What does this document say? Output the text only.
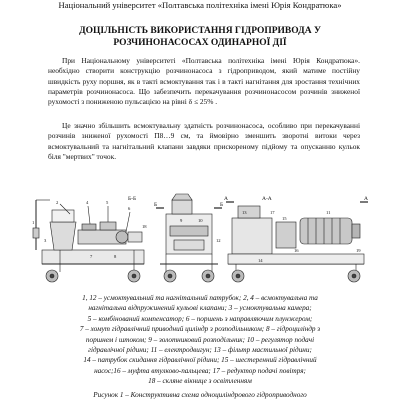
Національний університет «Полтавська політехніка імені Юрія Кондратюка»
ДОЦІЛЬНІСТЬ ВИКОРИСТАННЯ ГІДРОПРИВОДА У
РОЗЧИНОНАСОСАХ ОДИНАРНОЇ ДІЇ
При Національному університеті «Полтавська політехніка імені Юрія Кондратюка». необхідно створити конструкцію розчинонасоса з гідроприводом, який матиме постійну швидкість руху поршня, як в такті всмоктування так і в такті нагнітання для зростання технічних параметрів розчинонасоса. Що забезпечить перекачування розчинонасосом розчинів зниженої рухомості з пониженою пульсацією на рівні δ ≤ 25% .
Це значно збільшить всмоктувальну здатність розчинонасоса, особливо при перекачуванні розчинів зниженої рухомості П8…9 см, та ймовірно зменшить зворотні витоки через всмоктувальний та нагнітальний клапани завдяки прискореному підйому та опусканню кульок біля "мертвих" точок.
Б-Б	А-А
Б	Б
А	А
1
2
3
4	5
6
7	8
9	10
11
12
13
14
15
16
17
18
19
1, 12 – усмоктувальний та нагнітальний патрубок; 2, 4 – всмоктувальна та
нагнітальна відпружинений кульові клапани; 3 – усмоктувальна камера;
5 – комбінований компенсатор; 6 – поршень з направляючим плунжером;
7 – хомут гідравлічний приводний циліндр з розподільником; 8 – гідроциліндр з
поршнем і штоком; 9 – золотниковий розподільник; 10 – регулятор подачі
гідравлічної рідини; 11 – електродвигун; 13 – фільтр мастильної рідини;
14 – патрубок скидання гідравлічної рідини; 15 – шестеренний гідравлічний
насос;16 – муфта втулково-пальцева; 17 – редуктор подачі повітря;
18 – скляне вікнице з освітленням
Рисунок 1 – Конструктивна схема одноциліндрового гідроприводного
